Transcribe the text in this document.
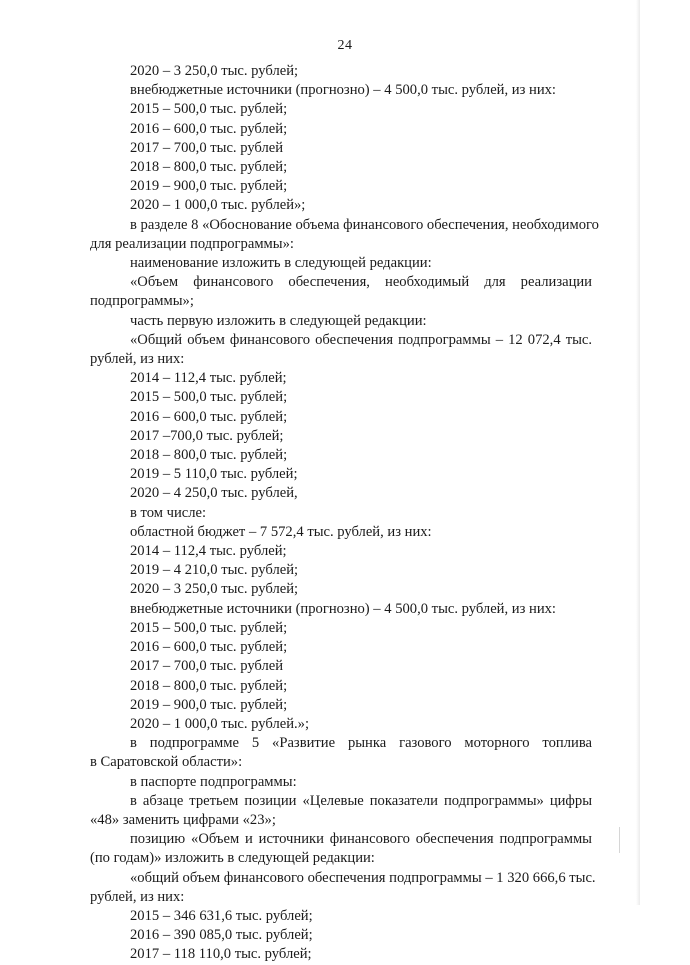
24
2020 – 3 250,0 тыс. рублей;
внебюджетные источники (прогнозно) – 4 500,0 тыс. рублей, из них:
2015 – 500,0 тыс. рублей;
2016 – 600,0 тыс. рублей;
2017 – 700,0 тыс. рублей
2018 – 800,0 тыс. рублей;
2019 – 900,0 тыс. рублей;
2020 – 1 000,0 тыс. рублей»;
в разделе 8 «Обоснование объема финансового обеспечения, необходимого
для реализации подпрограммы»:
наименование изложить в следующей редакции:
«Объем финансового обеспечения, необходимый для реализации
подпрограммы»;
часть первую изложить в следующей редакции:
«Общий объем финансового обеспечения подпрограммы – 12 072,4 тыс.
рублей, из них:
2014 – 112,4 тыс. рублей;
2015 – 500,0 тыс. рублей;
2016 – 600,0 тыс. рублей;
2017 –700,0 тыс. рублей;
2018 – 800,0 тыс. рублей;
2019 – 5 110,0 тыс. рублей;
2020 – 4 250,0 тыс. рублей,
в том числе:
областной бюджет – 7 572,4 тыс. рублей, из них:
2014 – 112,4 тыс. рублей;
2019 – 4 210,0 тыс. рублей;
2020 – 3 250,0 тыс. рублей;
внебюджетные источники (прогнозно) – 4 500,0 тыс. рублей, из них:
2015 – 500,0 тыс. рублей;
2016 – 600,0 тыс. рублей;
2017 – 700,0 тыс. рублей
2018 – 800,0 тыс. рублей;
2019 – 900,0 тыс. рублей;
2020 – 1 000,0 тыс. рублей.»;
в подпрограмме 5 «Развитие рынка газового моторного топлива
в Саратовской области»:
в паспорте подпрограммы:
в абзаце третьем позиции «Целевые показатели подпрограммы» цифры
«48» заменить цифрами «23»;
позицию «Объем и источники финансового обеспечения подпрограммы
(по годам)» изложить в следующей редакции:
«общий объем финансового обеспечения подпрограммы – 1 320 666,6 тыс.
рублей, из них:
2015 – 346 631,6 тыс. рублей;
2016 – 390 085,0 тыс. рублей;
2017 – 118 110,0 тыс. рублей;
